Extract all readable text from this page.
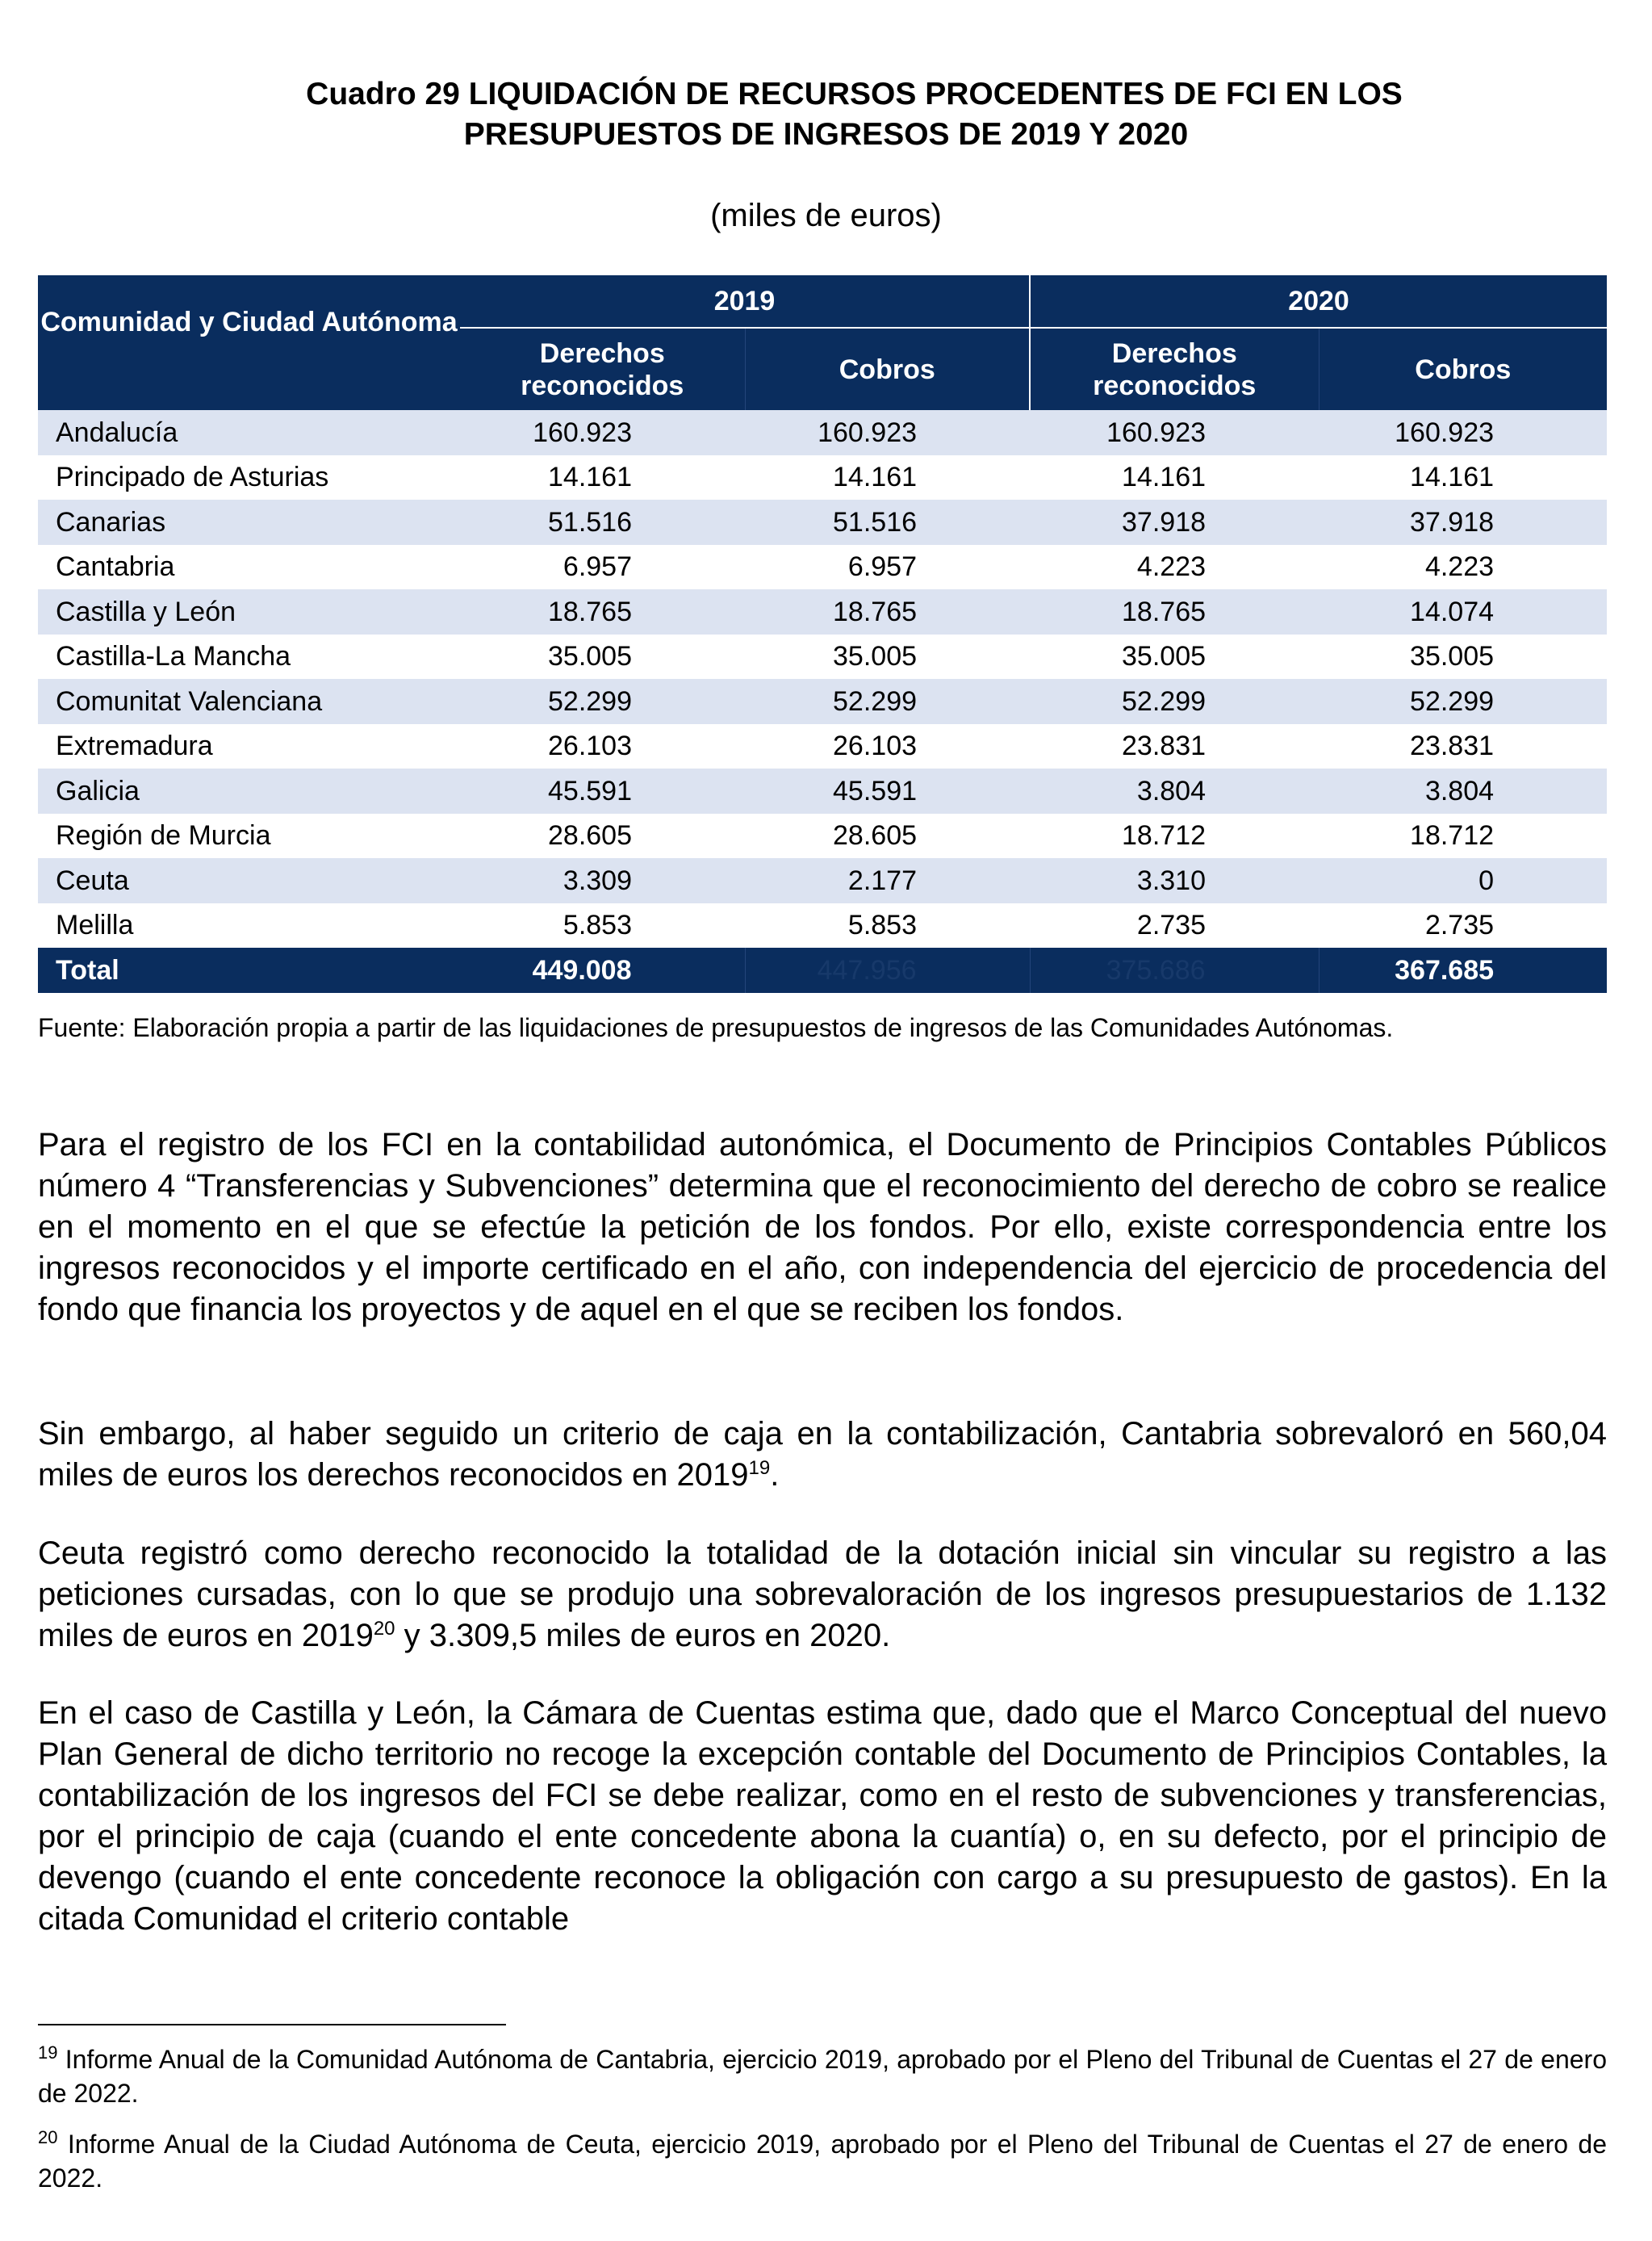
Cuadro 29 LIQUIDACIÓN DE RECURSOS PROCEDENTES DE FCI EN LOS
PRESUPUESTOS DE INGRESOS DE 2019 Y 2020
(miles de euros)
Comunidad y Ciudad Autónoma	2019		2020	
	Derechos reconocidos	Cobros	Derechos reconocidos	Cobros
Andalucía	160.923	160.923	160.923	160.923
Principado de Asturias	14.161	14.161	14.161	14.161
Canarias	51.516	51.516	37.918	37.918
Cantabria	6.957	6.957	4.223	4.223
Castilla y León	18.765	18.765	18.765	14.074
Castilla-La Mancha	35.005	35.005	35.005	35.005
Comunitat Valenciana	52.299	52.299	52.299	52.299
Extremadura	26.103	26.103	23.831	23.831
Galicia	45.591	45.591	3.804	3.804
Región de Murcia	28.605	28.605	18.712	18.712
Ceuta	3.309	2.177	3.310	0
Melilla	5.853	5.853	2.735	2.735
Total	449.008	447.956	375.686	367.685
Fuente: Elaboración propia a partir de las liquidaciones de presupuestos de ingresos de las Comunidades Autónomas.

Para el registro de los FCI en la contabilidad autonómica, el Documento de Principios Contables Públicos número 4 “Transferencias y Subvenciones” determina que el reconocimiento del derecho de cobro se realice en el momento en el que se efectúe la petición de los fondos. Por ello, existe correspondencia entre los ingresos reconocidos y el importe certificado en el año, con independencia del ejercicio de procedencia del fondo que financia los proyectos y de aquel en el que se reciben los fondos.

Sin embargo, al haber seguido un criterio de caja en la contabilización, Cantabria sobrevaloró en 560,04 miles de euros los derechos reconocidos en 2019$^{19}$.

Ceuta registró como derecho reconocido la totalidad de la dotación inicial sin vincular su registro a las peticiones cursadas, con lo que se produjo una sobrevaloración de los ingresos presupuestarios de 1.132 miles de euros en 2019$^{20}$ y 3.309,5 miles de euros en 2020.

En el caso de Castilla y León, la Cámara de Cuentas estima que, dado que el Marco Conceptual del nuevo Plan General de dicho territorio no recoge la excepción contable del Documento de Principios Contables, la contabilización de los ingresos del FCI se debe realizar, como en el resto de subvenciones y transferencias, por el principio de caja (cuando el ente concedente abona la cuantía) o, en su defecto, por el principio de devengo (cuando el ente concedente reconoce la obligación con cargo a su presupuesto de gastos). En la citada Comunidad el criterio contable

$^{19}$ Informe Anual de la Comunidad Autónoma de Cantabria, ejercicio 2019, aprobado por el Pleno del Tribunal de Cuentas el 27 de enero de 2022.
$^{20}$ Informe Anual de la Ciudad Autónoma de Ceuta, ejercicio 2019, aprobado por el Pleno del Tribunal de Cuentas el 27 de enero de 2022.
